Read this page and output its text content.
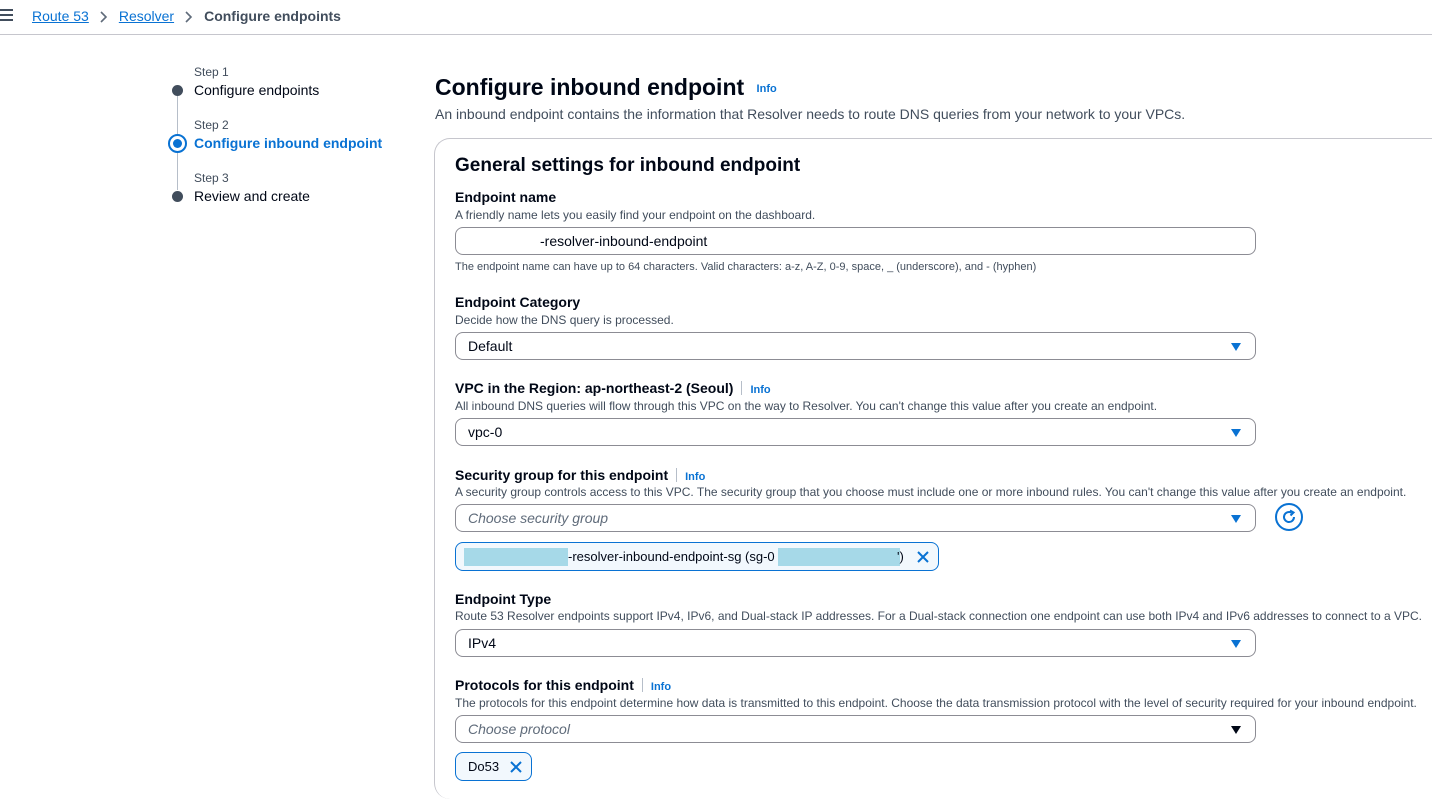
Route 53 Resolver Configure endpoints
Step 1
Configure endpoints
Step 2
Configure inbound endpoint
Step 3
Review and create
Configure inbound endpoint Info
An inbound endpoint contains the information that Resolver needs to route DNS queries from your network to your VPCs.
General settings for inbound endpoint
Endpoint name
A friendly name lets you easily find your endpoint on the dashboard.
-resolver-inbound-endpoint
The endpoint name can have up to 64 characters. Valid characters: a-z, A-Z, 0-9, space, _ (underscore), and - (hyphen)
Endpoint Category
Decide how the DNS query is processed.
Default
VPC in the Region: ap-northeast-2 (Seoul) Info
All inbound DNS queries will flow through this VPC on the way to Resolver. You can't change this value after you create an endpoint.
vpc-0
Security group for this endpoint Info
A security group controls access to this VPC. The security group that you choose must include one or more inbound rules. You can't change this value after you create an endpoint.
Choose security group
-resolver-inbound-endpoint-sg (sg-0	')
Endpoint Type
Route 53 Resolver endpoints support IPv4, IPv6, and Dual-stack IP addresses. For a Dual-stack connection one endpoint can use both IPv4 and IPv6 addresses to connect to a VPC.
IPv4
Protocols for this endpoint Info
The protocols for this endpoint determine how data is transmitted to this endpoint. Choose the data transmission protocol with the level of security required for your inbound endpoint.
Choose protocol
Do53
